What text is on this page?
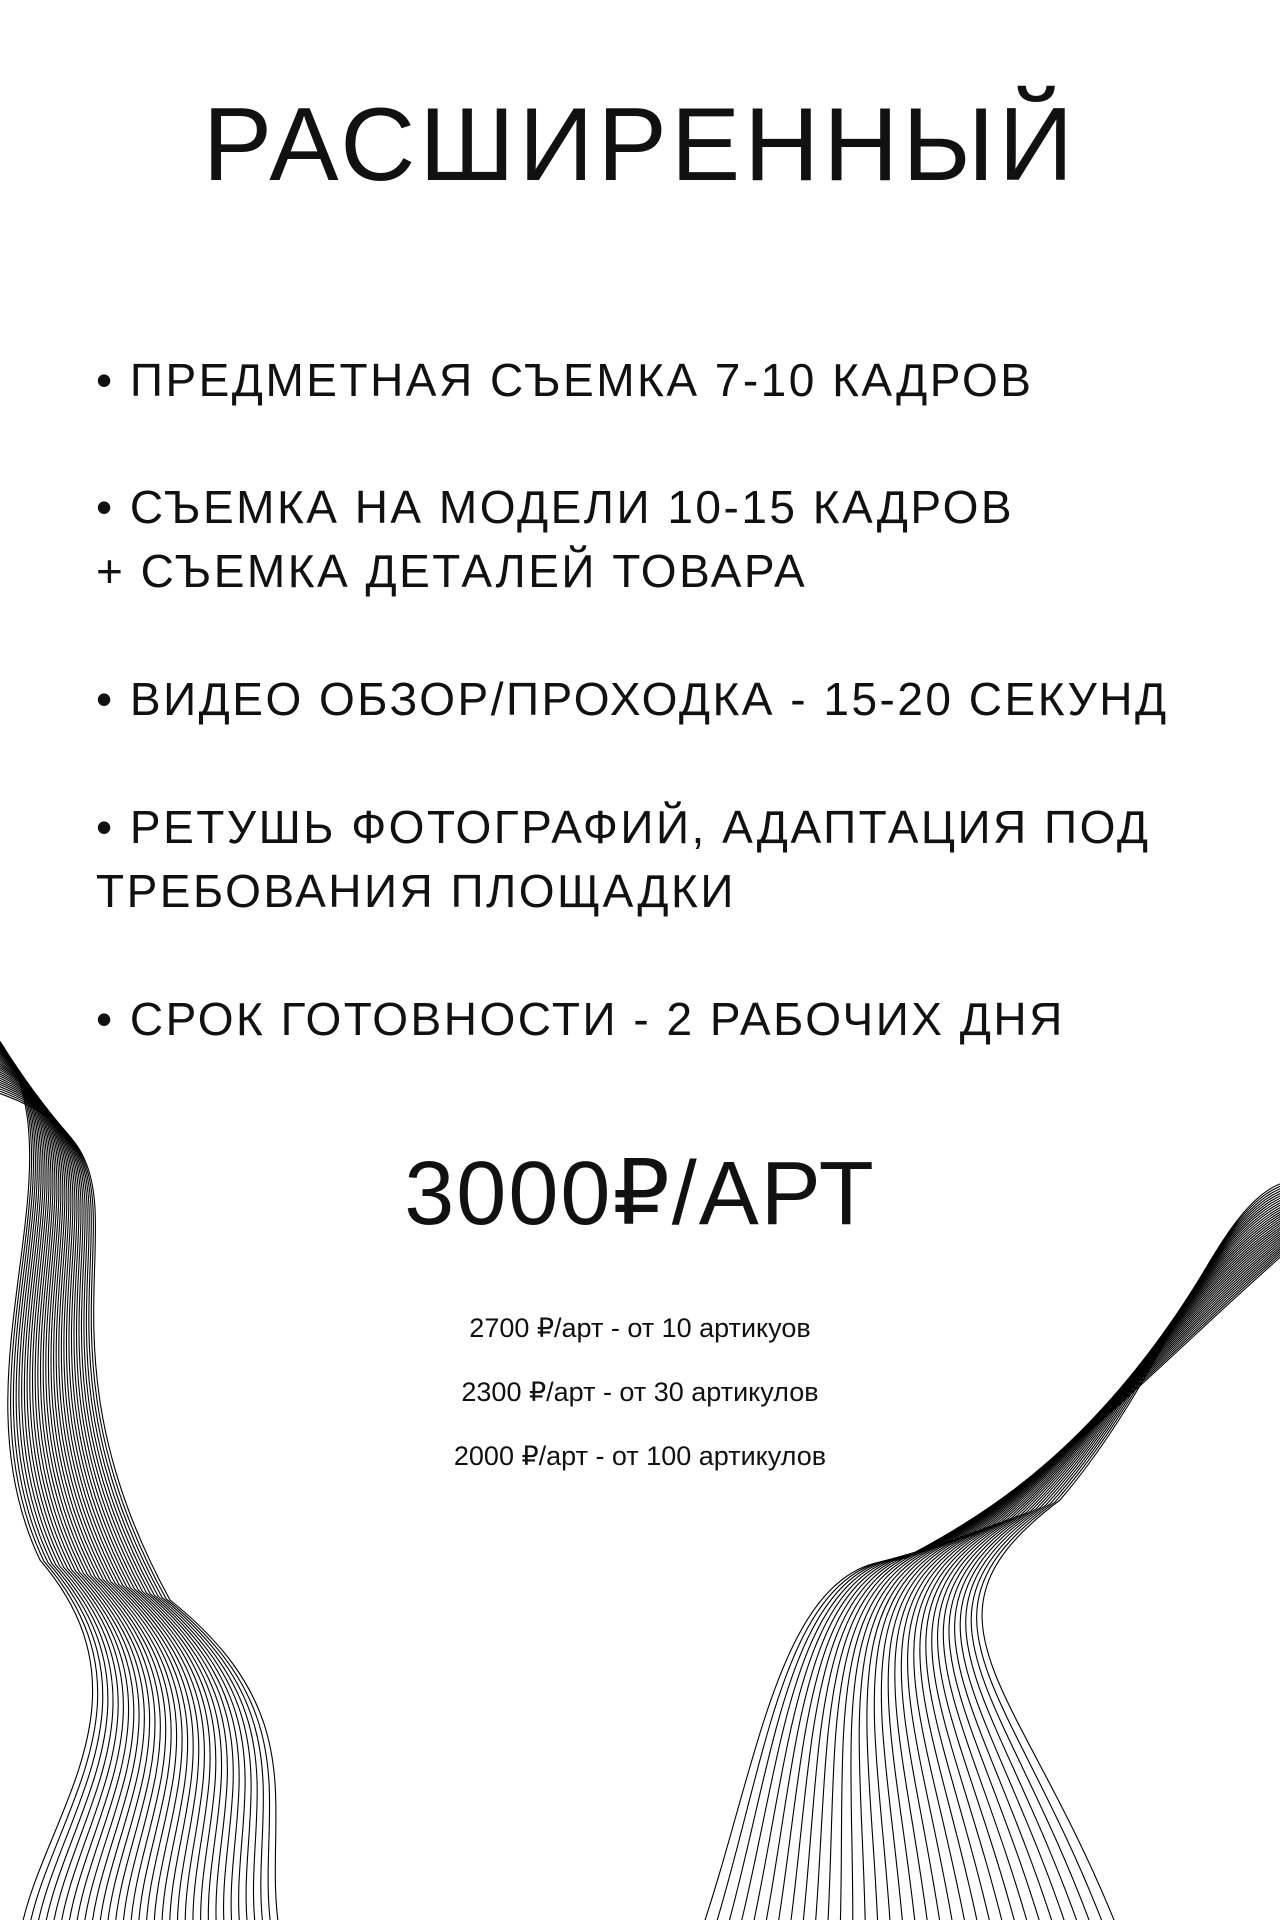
РАСШИРЕННЫЙ
• ПРЕДМЕТНАЯ СЪЕМКА 7-10 КАДРОВ
• СЪЕМКА НА МОДЕЛИ 10-15 КАДРОВ
+ СЪЕМКА ДЕТАЛЕЙ ТОВАРА
• ВИДЕО ОБЗОР/ПРОХОДКА - 15-20 СЕКУНД
• РЕТУШЬ ФОТОГРАФИЙ, АДАПТАЦИЯ ПОД
ТРЕБОВАНИЯ ПЛОЩАДКИ
• СРОК ГОТОВНОСТИ - 2 РАБОЧИХ ДНЯ
3000₽/АРТ
2700 ₽/арт - от 10 артикуов
2300 ₽/арт - от 30 артикулов
2000 ₽/арт - от 100 артикулов
